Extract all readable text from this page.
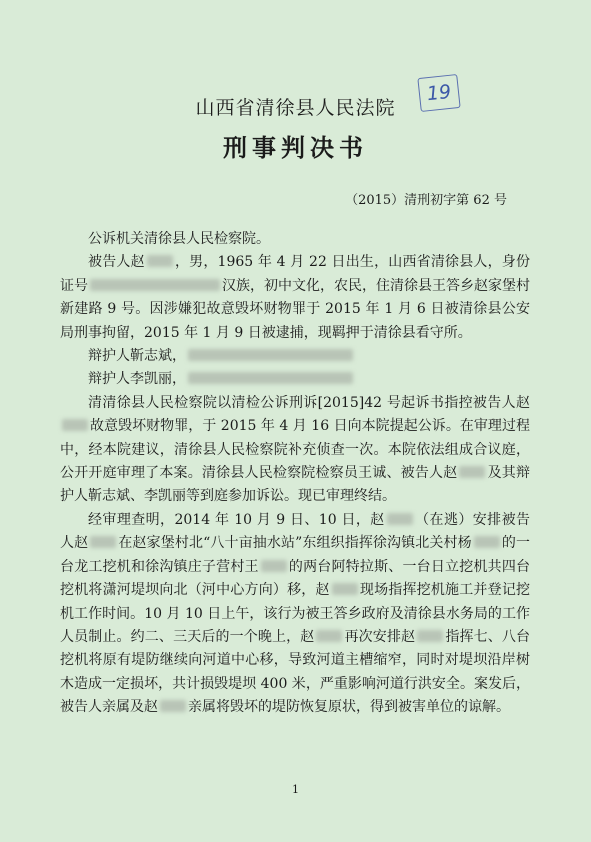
山西省清徐县人民法院
19
刑事判决书
（2015）清刑初字第 62 号

公诉机关清徐县人民检察院。

被告人赵 ，男，1965 年 4 月 22 日出生，山西省清徐县人，身份证号	汉族，初中文化，农民，住清徐县王答乡赵家堡村新建路 9 号。因涉嫌犯故意毁坏财物罪于 2015 年 1 月 6 日被清徐县公安局刑事拘留，2015 年 1 月 9 日被逮捕，现羁押于清徐县看守所。

辩护人靳志斌，

辩护人李凯丽，

清清徐县人民检察院以清检公诉刑诉[2015]42 号起诉书指控被告人赵故意毁坏财物罪，于 2015 年 4 月 16 日向本院提起公诉。在审理过程中，经本院建议，清徐县人民检察院补充侦查一次。本院依法组成合议庭，公开开庭审理了本案。清徐县人民检察院检察员王诚、被告人赵 及其辩护人靳志斌、李凯丽等到庭参加诉讼。现已审理终结。

经审理查明，2014 年 10 月 9 日、10 日，赵 （在逃）安排被告人赵 在赵家堡村北“八十亩抽水站”东组织指挥徐沟镇北关村杨 的一台龙工挖机和徐沟镇庄子营村王 的两台阿特拉斯、一台日立挖机共四台挖机将潇河堤坝向北（河中心方向）移，赵 现场指挥挖机施工并登记挖机工作时间。10 月 10 日上午，该行为被王答乡政府及清徐县水务局的工作人员制止。约二、三天后的一个晚上，赵 再次安排赵 指挥七、八台挖机将原有堤防继续向河道中心移，导致河道主槽缩窄，同时对堤坝沿岸树木造成一定损坏，共计损毁堤坝 400 米，严重影响河道行洪安全。案发后，被告人亲属及赵 亲属将毁坏的堤防恢复原状，得到被害单位的谅解。

1
